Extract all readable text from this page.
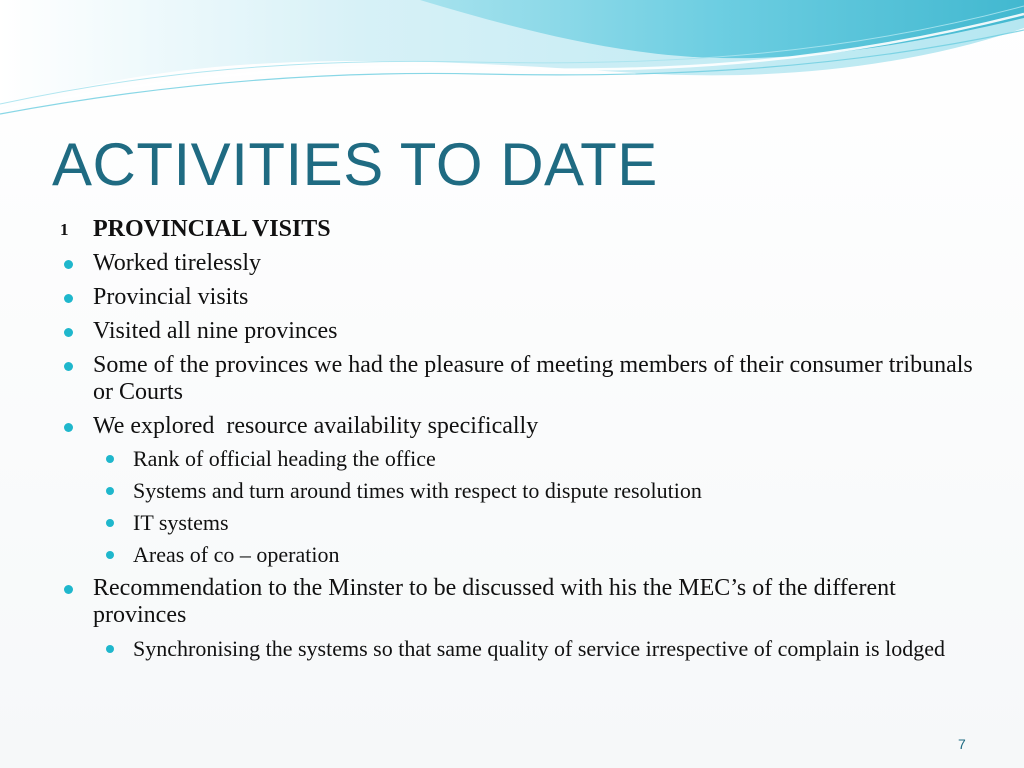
ACTIVITIES TO DATE
1 PROVINCIAL VISITS
Worked tirelessly
Provincial visits
Visited all nine provinces
Some of the provinces we had the pleasure of meeting members of their consumer tribunals or Courts
We explored  resource availability specifically
Rank of official heading the office
Systems and turn around times with respect to dispute resolution
IT systems
Areas of co – operation
Recommendation to the Minster to be discussed with his the MEC’s of the different provinces
Synchronising the systems so that same quality of service irrespective of complain is lodged
7
